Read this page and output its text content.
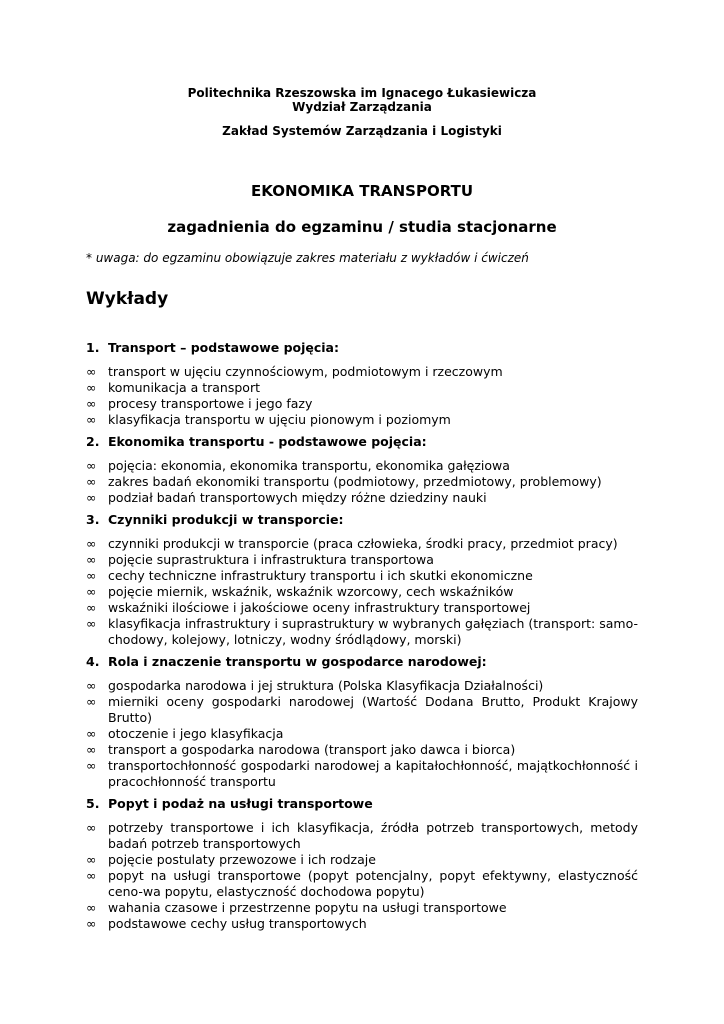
Politechnika Rzeszowska im Ignacego Łukasiewicza
Wydział Zarządzania
Zakład Systemów Zarządzania i Logistyki
EKONOMIKA TRANSPORTU
zagadnienia do egzaminu / studia stacjonarne
* uwaga: do egzaminu obowiązuje zakres materiału z wykładów i ćwiczeń
Wykłady
1. Transport – podstawowe pojęcia:
∞ transport w ujęciu czynnościowym, podmiotowym i rzeczowym
∞ komunikacja a transport
∞ procesy transportowe i jego fazy
∞ klasyfikacja transportu w ujęciu pionowym i poziomym
2. Ekonomika transportu - podstawowe pojęcia:
∞ pojęcia: ekonomia, ekonomika transportu, ekonomika gałęziowa
∞ zakres badań ekonomiki transportu (podmiotowy, przedmiotowy, problemowy)
∞ podział badań transportowych między różne dziedziny nauki
3. Czynniki produkcji w transporcie:
∞ czynniki produkcji w transporcie (praca człowieka, środki pracy, przedmiot pracy)
∞ pojęcie suprastruktura i infrastruktura transportowa
∞ cechy techniczne infrastruktury transportu i ich skutki ekonomiczne
∞ pojęcie miernik, wskaźnik, wskaźnik wzorcowy, cech wskaźników
∞ wskaźniki ilościowe i jakościowe oceny infrastruktury transportowej
∞ klasyfikacja infrastruktury i suprastruktury w wybranych gałęziach (transport: samo-chodowy, kolejowy, lotniczy, wodny śródlądowy, morski)
4. Rola i znaczenie transportu w gospodarce narodowej:
∞ gospodarka narodowa i jej struktura (Polska Klasyfikacja Działalności)
∞ mierniki oceny gospodarki narodowej (Wartość Dodana Brutto, Produkt Krajowy Brutto)
∞ otoczenie i jego klasyfikacja
∞ transport a gospodarka narodowa (transport jako dawca i biorca)
∞ transportochłonność gospodarki narodowej a kapitałochłonność, majątkochłonność i pracochłonność transportu
5. Popyt i podaż na usługi transportowe
∞ potrzeby transportowe i ich klasyfikacja, źródła potrzeb transportowych, metody badań potrzeb transportowych
∞ pojęcie postulaty przewozowe i ich rodzaje
∞ popyt na usługi transportowe (popyt potencjalny, popyt efektywny, elastyczność ceno-wa popytu, elastyczność dochodowa popytu)
∞ wahania czasowe i przestrzenne popytu na usługi transportowe
∞ podstawowe cechy usług transportowych
